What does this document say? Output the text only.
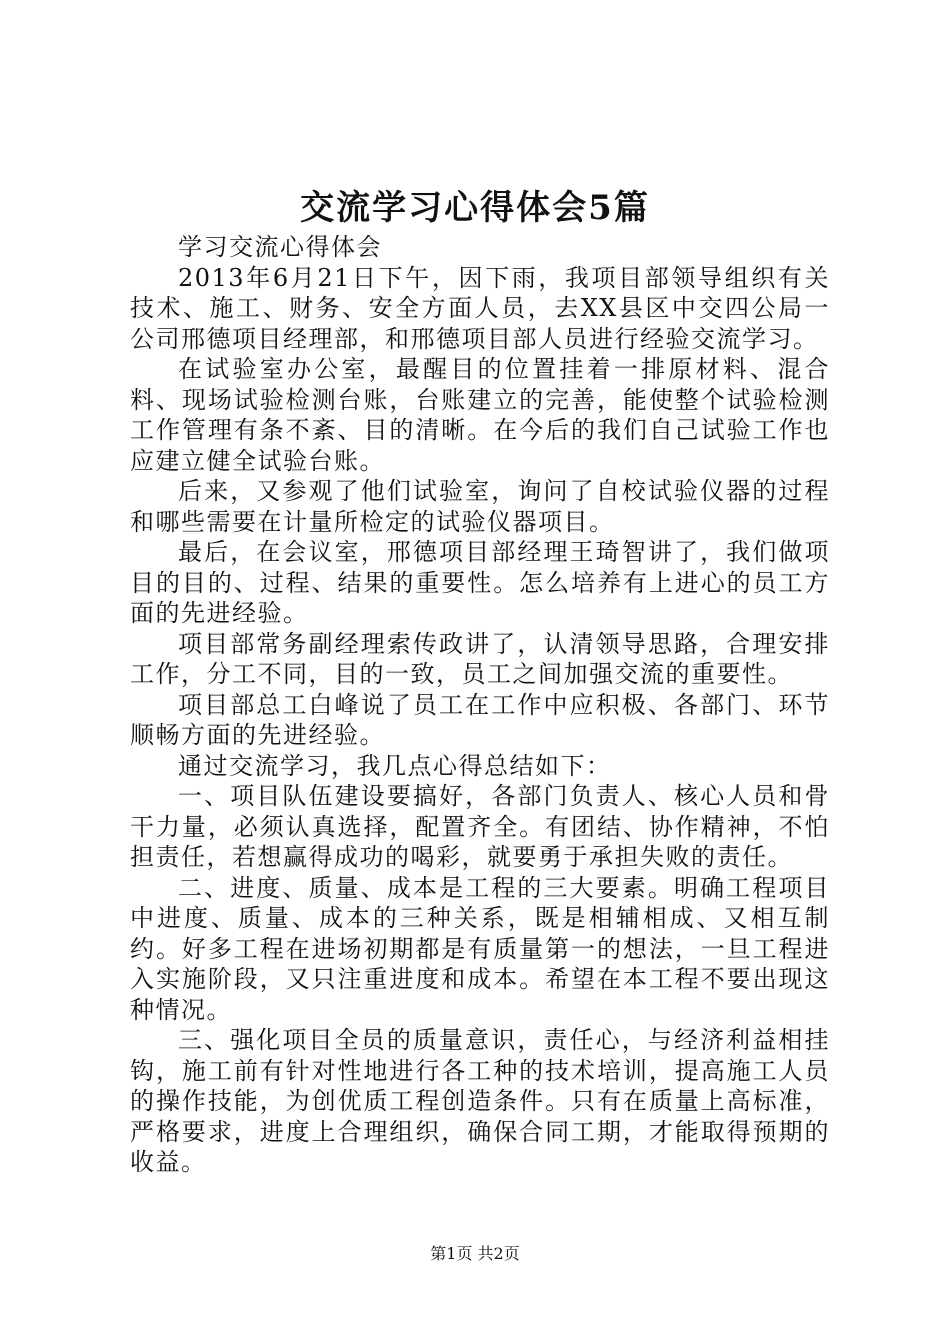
交流学习心得体会5篇

学习交流心得体会

2013年6月21日下午，因下雨，我项目部领导组织有关技术、施工、财务、安全方面人员，去XX县区中交四公局一公司邢德项目经理部，和邢德项目部人员进行经验交流学习。

在试验室办公室，最醒目的位置挂着一排原材料、混合料、现场试验检测台账，台账建立的完善，能使整个试验检测工作管理有条不紊、目的清晰。在今后的我们自己试验工作也应建立健全试验台账。

后来，又参观了他们试验室，询问了自校试验仪器的过程和哪些需要在计量所检定的试验仪器项目。

最后，在会议室，邢德项目部经理王琦智讲了，我们做项目的目的、过程、结果的重要性。怎么培养有上进心的员工方面的先进经验。

项目部常务副经理索传政讲了，认清领导思路，合理安排工作，分工不同，目的一致，员工之间加强交流的重要性。

项目部总工白峰说了员工在工作中应积极、各部门、环节顺畅方面的先进经验。

通过交流学习，我几点心得总结如下：

一、项目队伍建设要搞好，各部门负责人、核心人员和骨干力量，必须认真选择，配置齐全。有团结、协作精神，不怕担责任，若想赢得成功的喝彩，就要勇于承担失败的责任。

二、进度、质量、成本是工程的三大要素。明确工程项目中进度、质量、成本的三种关系，既是相辅相成、又相互制约。好多工程在进场初期都是有质量第一的想法，一旦工程进入实施阶段，又只注重进度和成本。希望在本工程不要出现这种情况。

三、强化项目全员的质量意识，责任心，与经济利益相挂钩，施工前有针对性地进行各工种的技术培训，提高施工人员的操作技能，为创优质工程创造条件。只有在质量上高标准，严格要求，进度上合理组织，确保合同工期，才能取得预期的收益。

第1页 共2页
